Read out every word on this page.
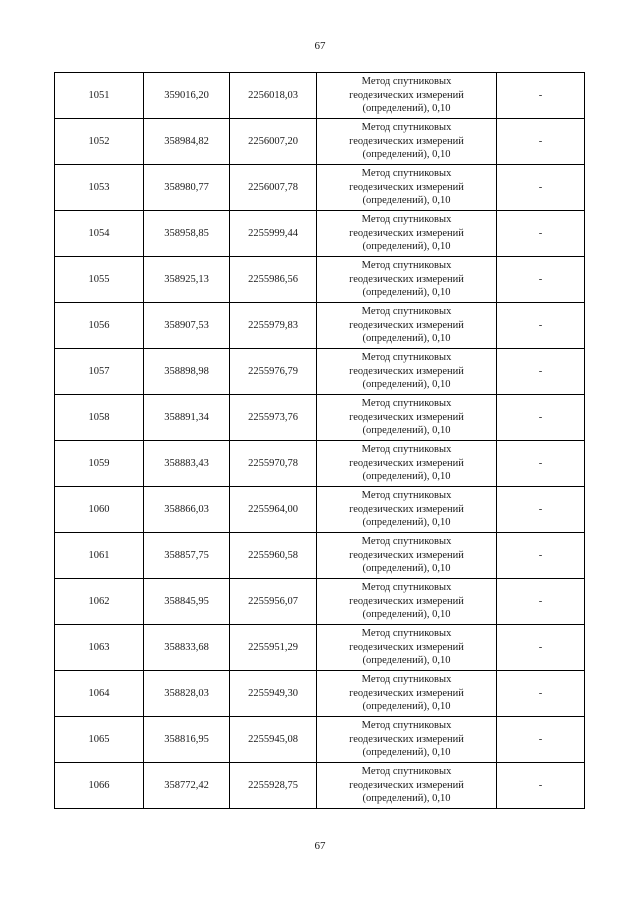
67
1051	359016,20	2256018,03	Метод спутниковых
геодезических измерений
(определений), 0,10	-
1052	358984,82	2256007,20	Метод спутниковых
геодезических измерений
(определений), 0,10	-
1053	358980,77	2256007,78	Метод спутниковых
геодезических измерений
(определений), 0,10	-
1054	358958,85	2255999,44	Метод спутниковых
геодезических измерений
(определений), 0,10	-
1055	358925,13	2255986,56	Метод спутниковых
геодезических измерений
(определений), 0,10	-
1056	358907,53	2255979,83	Метод спутниковых
геодезических измерений
(определений), 0,10	-
1057	358898,98	2255976,79	Метод спутниковых
геодезических измерений
(определений), 0,10	-
1058	358891,34	2255973,76	Метод спутниковых
геодезических измерений
(определений), 0,10	-
1059	358883,43	2255970,78	Метод спутниковых
геодезических измерений
(определений), 0,10	-
1060	358866,03	2255964,00	Метод спутниковых
геодезических измерений
(определений), 0,10	-
1061	358857,75	2255960,58	Метод спутниковых
геодезических измерений
(определений), 0,10	-
1062	358845,95	2255956,07	Метод спутниковых
геодезических измерений
(определений), 0,10	-
1063	358833,68	2255951,29	Метод спутниковых
геодезических измерений
(определений), 0,10	-
1064	358828,03	2255949,30	Метод спутниковых
геодезических измерений
(определений), 0,10	-
1065	358816,95	2255945,08	Метод спутниковых
геодезических измерений
(определений), 0,10	-
1066	358772,42	2255928,75	Метод спутниковых
геодезических измерений
(определений), 0,10	-
67
